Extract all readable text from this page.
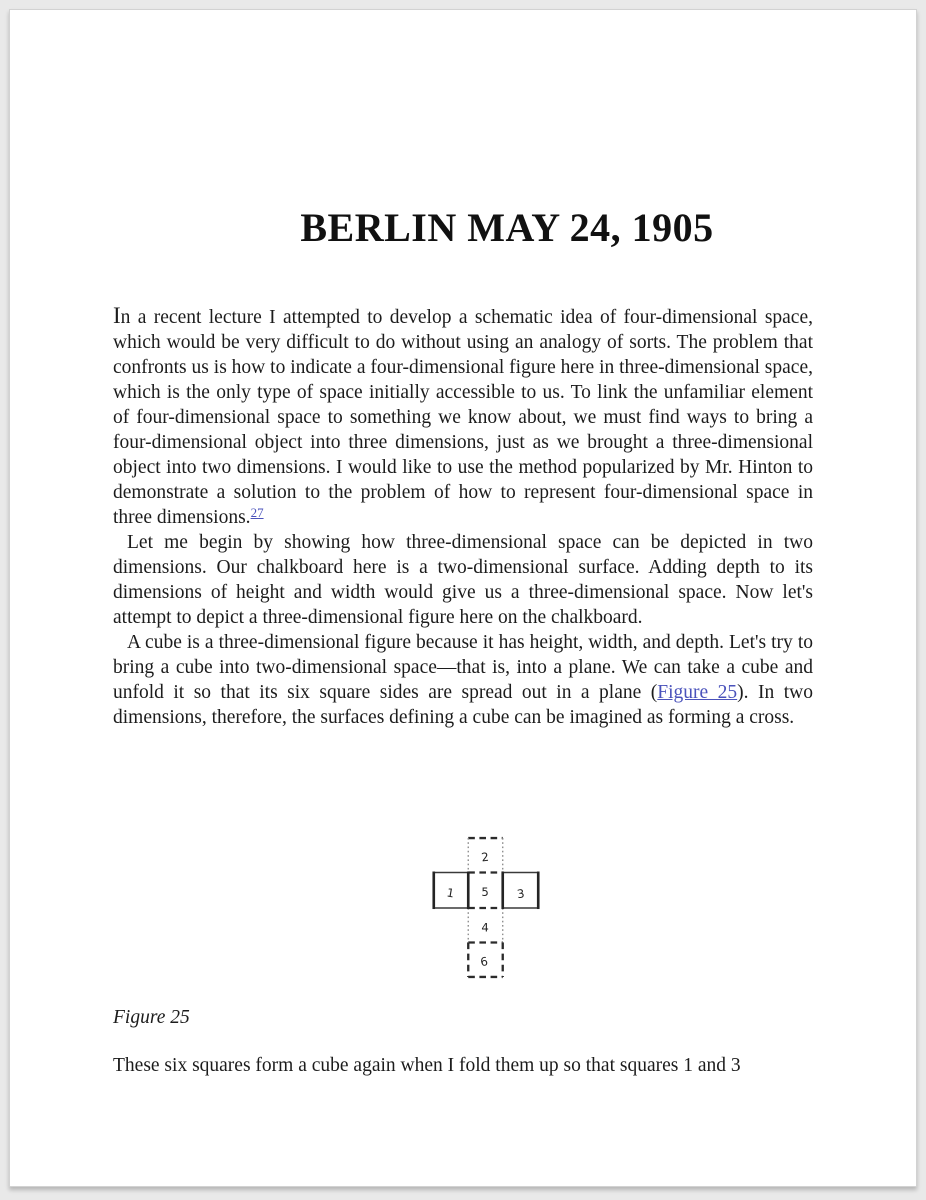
BERLIN MAY 24, 1905

In a recent lecture I attempted to develop a schematic idea of four-dimensional space, which would be very difficult to do without using an analogy of sorts. The problem that confronts us is how to indicate a four-dimensional figure here in three-dimensional space, which is the only type of space initially accessible to us. To link the unfamiliar element of four-dimensional space to something we know about, we must find ways to bring a four-dimensional object into three dimensions, just as we brought a three-dimensional object into two dimensions. I would like to use the method popularized by Mr. Hinton to demonstrate a solution to the problem of how to represent four-dimensional space in three dimensions.$^{27}$

Let me begin by showing how three-dimensional space can be depicted in two dimensions. Our chalkboard here is a two-dimensional surface. Adding depth to its dimensions of height and width would give us a three-dimensional space. Now let's attempt to depict a three-dimensional figure here on the chalkboard.

A cube is a three-dimensional figure because it has height, width, and depth. Let's try to bring a cube into two-dimensional space—that is, into a plane. We can take a cube and unfold it so that its six square sides are spread out in a plane (Figure 25). In two dimensions, therefore, the surfaces defining a cube can be imagined as forming a cross.

2
1 5 3
4
6
Figure 25

These six squares form a cube again when I fold them up so that squares 1 and 3
